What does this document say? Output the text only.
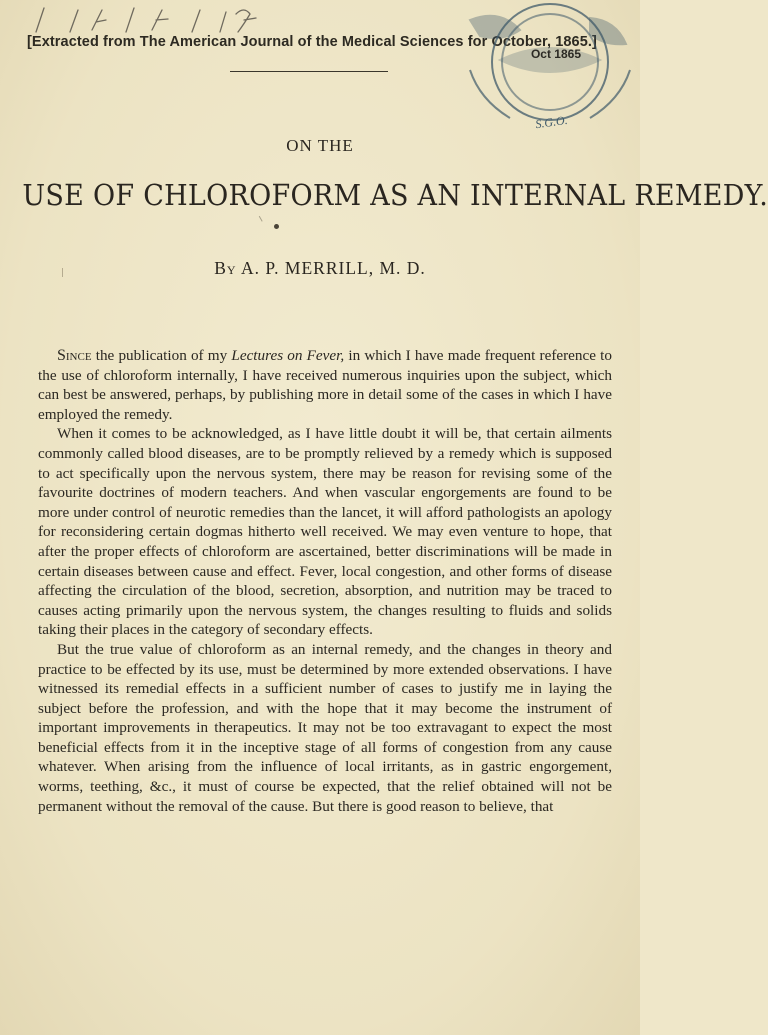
[Extracted from The American Journal of the Medical Sciences for October, 1865.]
Oct 1865
S.G.O.
ON THE
USE OF CHLOROFORM AS AN INTERNAL REMEDY.
By A. P. MERRILL, M. D.

Since the publication of my Lectures on Fever, in which I have made frequent reference to the use of chloroform internally, I have received numerous inquiries upon the subject, which can best be answered, perhaps, by publishing more in detail some of the cases in which I have employed the remedy.

When it comes to be acknowledged, as I have little doubt it will be, that certain ailments commonly called blood diseases, are to be promptly relieved by a remedy which is supposed to act specifically upon the nervous system, there may be reason for revising some of the favourite doctrines of modern teachers. And when vascular engorgements are found to be more under control of neurotic remedies than the lancet, it will afford pathologists an apology for reconsidering certain dogmas hitherto well received. We may even venture to hope, that after the proper effects of chloroform are ascertained, better discriminations will be made in certain diseases between cause and effect. Fever, local congestion, and other forms of disease affecting the circulation of the blood, secretion, absorption, and nutrition may be traced to causes acting primarily upon the nervous system, the changes resulting to fluids and solids taking their places in the category of secondary effects.

But the true value of chloroform as an internal remedy, and the changes in theory and practice to be effected by its use, must be determined by more extended observations. I have witnessed its remedial effects in a sufficient number of cases to justify me in laying the subject before the profession, and with the hope that it may become the instrument of important improvements in therapeutics. It may not be too extravagant to expect the most beneficial effects from it in the inceptive stage of all forms of congestion from any cause whatever. When arising from the influence of local irritants, as in gastric engorgement, worms, teething, &c., it must of course be expected, that the relief obtained will not be permanent without the removal of the cause. But there is good reason to believe, that
